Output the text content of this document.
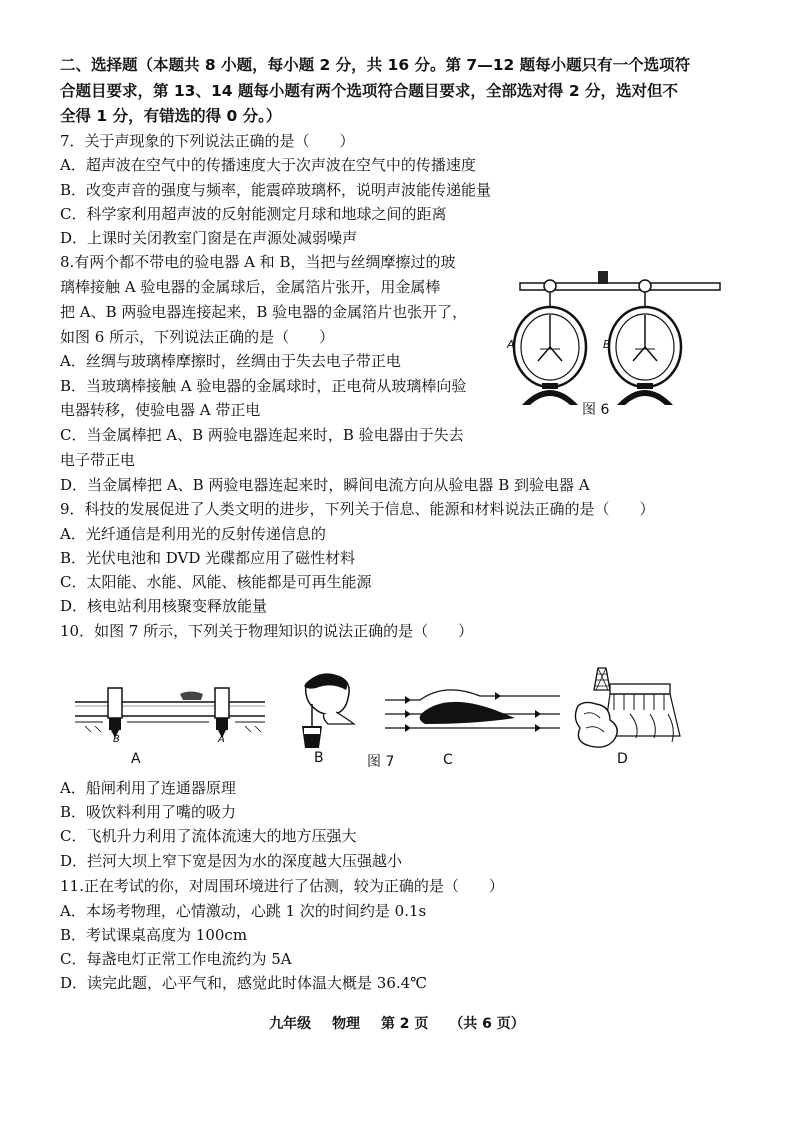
二、选择题（本题共 8 小题，每小题 2 分，共 16 分。第 7—12 题每小题只有一个选项符
合题目要求，第 13、14 题每小题有两个选项符合题目要求，全部选对得 2 分，选对但不
全得 1 分，有错选的得 0 分。）
7．关于声现象的下列说法正确的是（　　）
A．超声波在空气中的传播速度大于次声波在空气中的传播速度
B．改变声音的强度与频率，能震碎玻璃杯，说明声波能传递能量
C．科学家利用超声波的反射能测定月球和地球之间的距离
D．上课时关闭教室门窗是在声源处减弱噪声
8.有两个都不带电的验电器 A 和 B，当把与丝绸摩擦过的玻
璃棒接触 A 验电器的金属球后，金属箔片张开，用金属棒
把 A、B 两验电器连接起来，B 验电器的金属箔片也张开了，
如图 6 所示，下列说法正确的是（　　）
A．丝绸与玻璃棒摩擦时，丝绸由于失去电子带正电
B．当玻璃棒接触 A 验电器的金属球时，正电荷从玻璃棒向验
电器转移，使验电器 A 带正电
C．当金属棒把 A、B 两验电器连起来时，B 验电器由于失去
电子带正电
D．当金属棒把 A、B 两验电器连起来时，瞬间电流方向从验电器 B 到验电器 A
A	B
图 6
9．科技的发展促进了人类文明的进步，下列关于信息、能源和材料说法正确的是（　　）
A．光纤通信是利用光的反射传递信息的
B．光伏电池和 DVD 光碟都应用了磁性材料
C．太阳能、水能、风能、核能都是可再生能源
D．核电站利用核聚变释放能量
10．如图 7 所示，下列关于物理知识的说法正确的是（　　）
B	A
A	B	图 7	C	D
A．船闸利用了连通器原理
B．吸饮料利用了嘴的吸力
C．飞机升力利用了流体流速大的地方压强大
D．拦河大坝上窄下宽是因为水的深度越大压强越小
11.正在考试的你，对周围环境进行了估测，较为正确的是（　　）
A．本场考物理，心情激动，心跳 1 次的时间约是 0.1s
B．考试课桌高度为 100cm
C．每盏电灯正常工作电流约为 5A
D．读完此题，心平气和，感觉此时体温大概是 36.4℃
九年级 物理 第 2 页 （共 6 页）
